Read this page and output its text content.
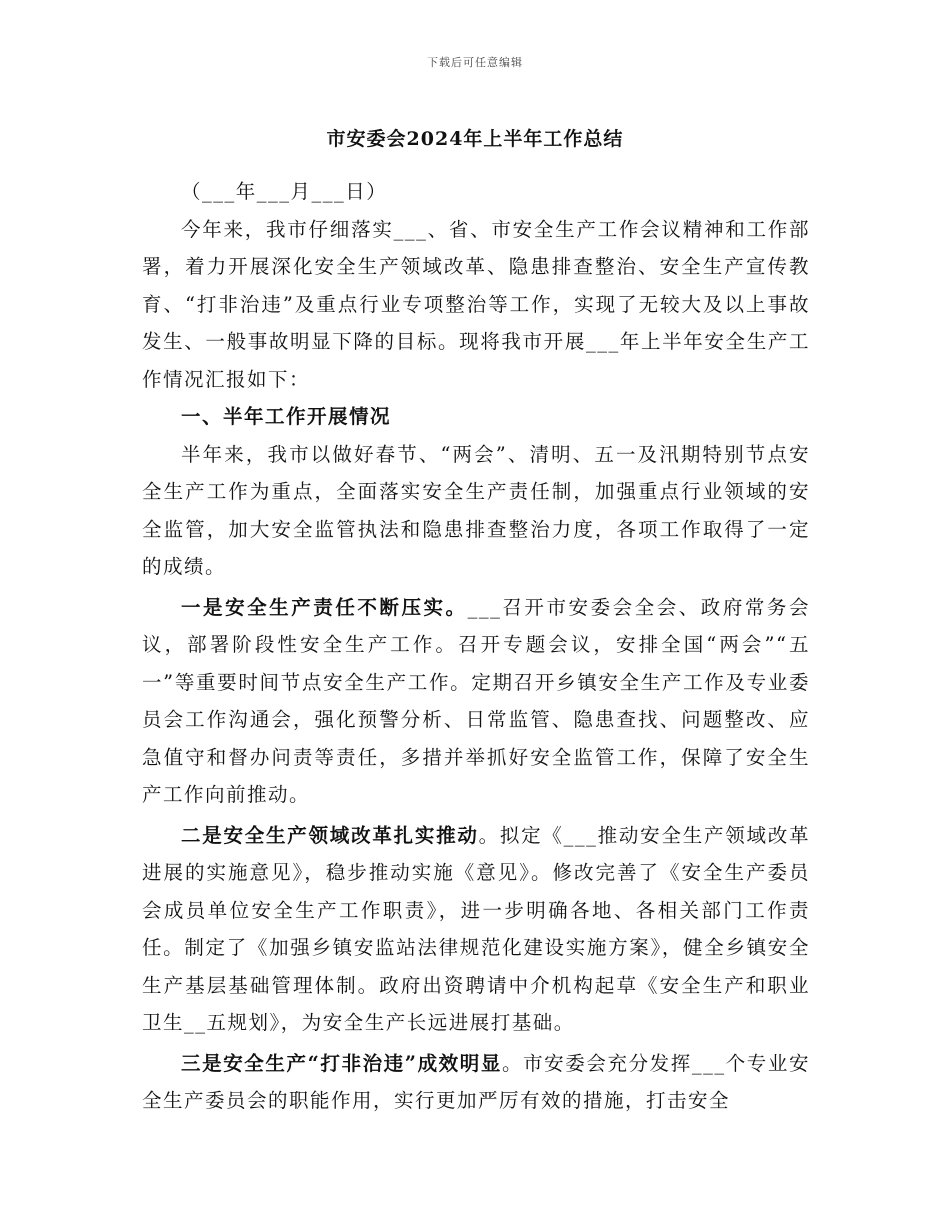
下载后可任意编辑
市安委会2024年上半年工作总结

（___年___月___日）

今年来，我市仔细落实___、省、市安全生产工作会议精神和工作部署，着力开展深化安全生产领域改革、隐患排查整治、安全生产宣传教育、“打非治违”及重点行业专项整治等工作，实现了无较大及以上事故发生、一般事故明显下降的目标。现将我市开展___年上半年安全生产工作情况汇报如下：

一、半年工作开展情况

半年来，我市以做好春节、“两会”、清明、五一及汛期特别节点安全生产工作为重点，全面落实安全生产责任制，加强重点行业领域的安全监管，加大安全监管执法和隐患排查整治力度，各项工作取得了一定的成绩。

一是安全生产责任不断压实。___召开市安委会全会、政府常务会议，部署阶段性安全生产工作。召开专题会议，安排全国“两会”“五一”等重要时间节点安全生产工作。定期召开乡镇安全生产工作及专业委员会工作沟通会，强化预警分析、日常监管、隐患查找、问题整改、应急值守和督办问责等责任，多措并举抓好安全监管工作，保障了安全生产工作向前推动。

二是安全生产领域改革扎实推动。拟定《___推动安全生产领域改革进展的实施意见》，稳步推动实施《意见》。修改完善了《安全生产委员会成员单位安全生产工作职责》，进一步明确各地、各相关部门工作责任。制定了《加强乡镇安监站法律规范化建设实施方案》，健全乡镇安全生产基层基础管理体制。政府出资聘请中介机构起草《安全生产和职业卫生__五规划》，为安全生产长远进展打基础。

三是安全生产“打非治违”成效明显。市安委会充分发挥___个专业安全生产委员会的职能作用，实行更加严厉有效的措施，打击安全
